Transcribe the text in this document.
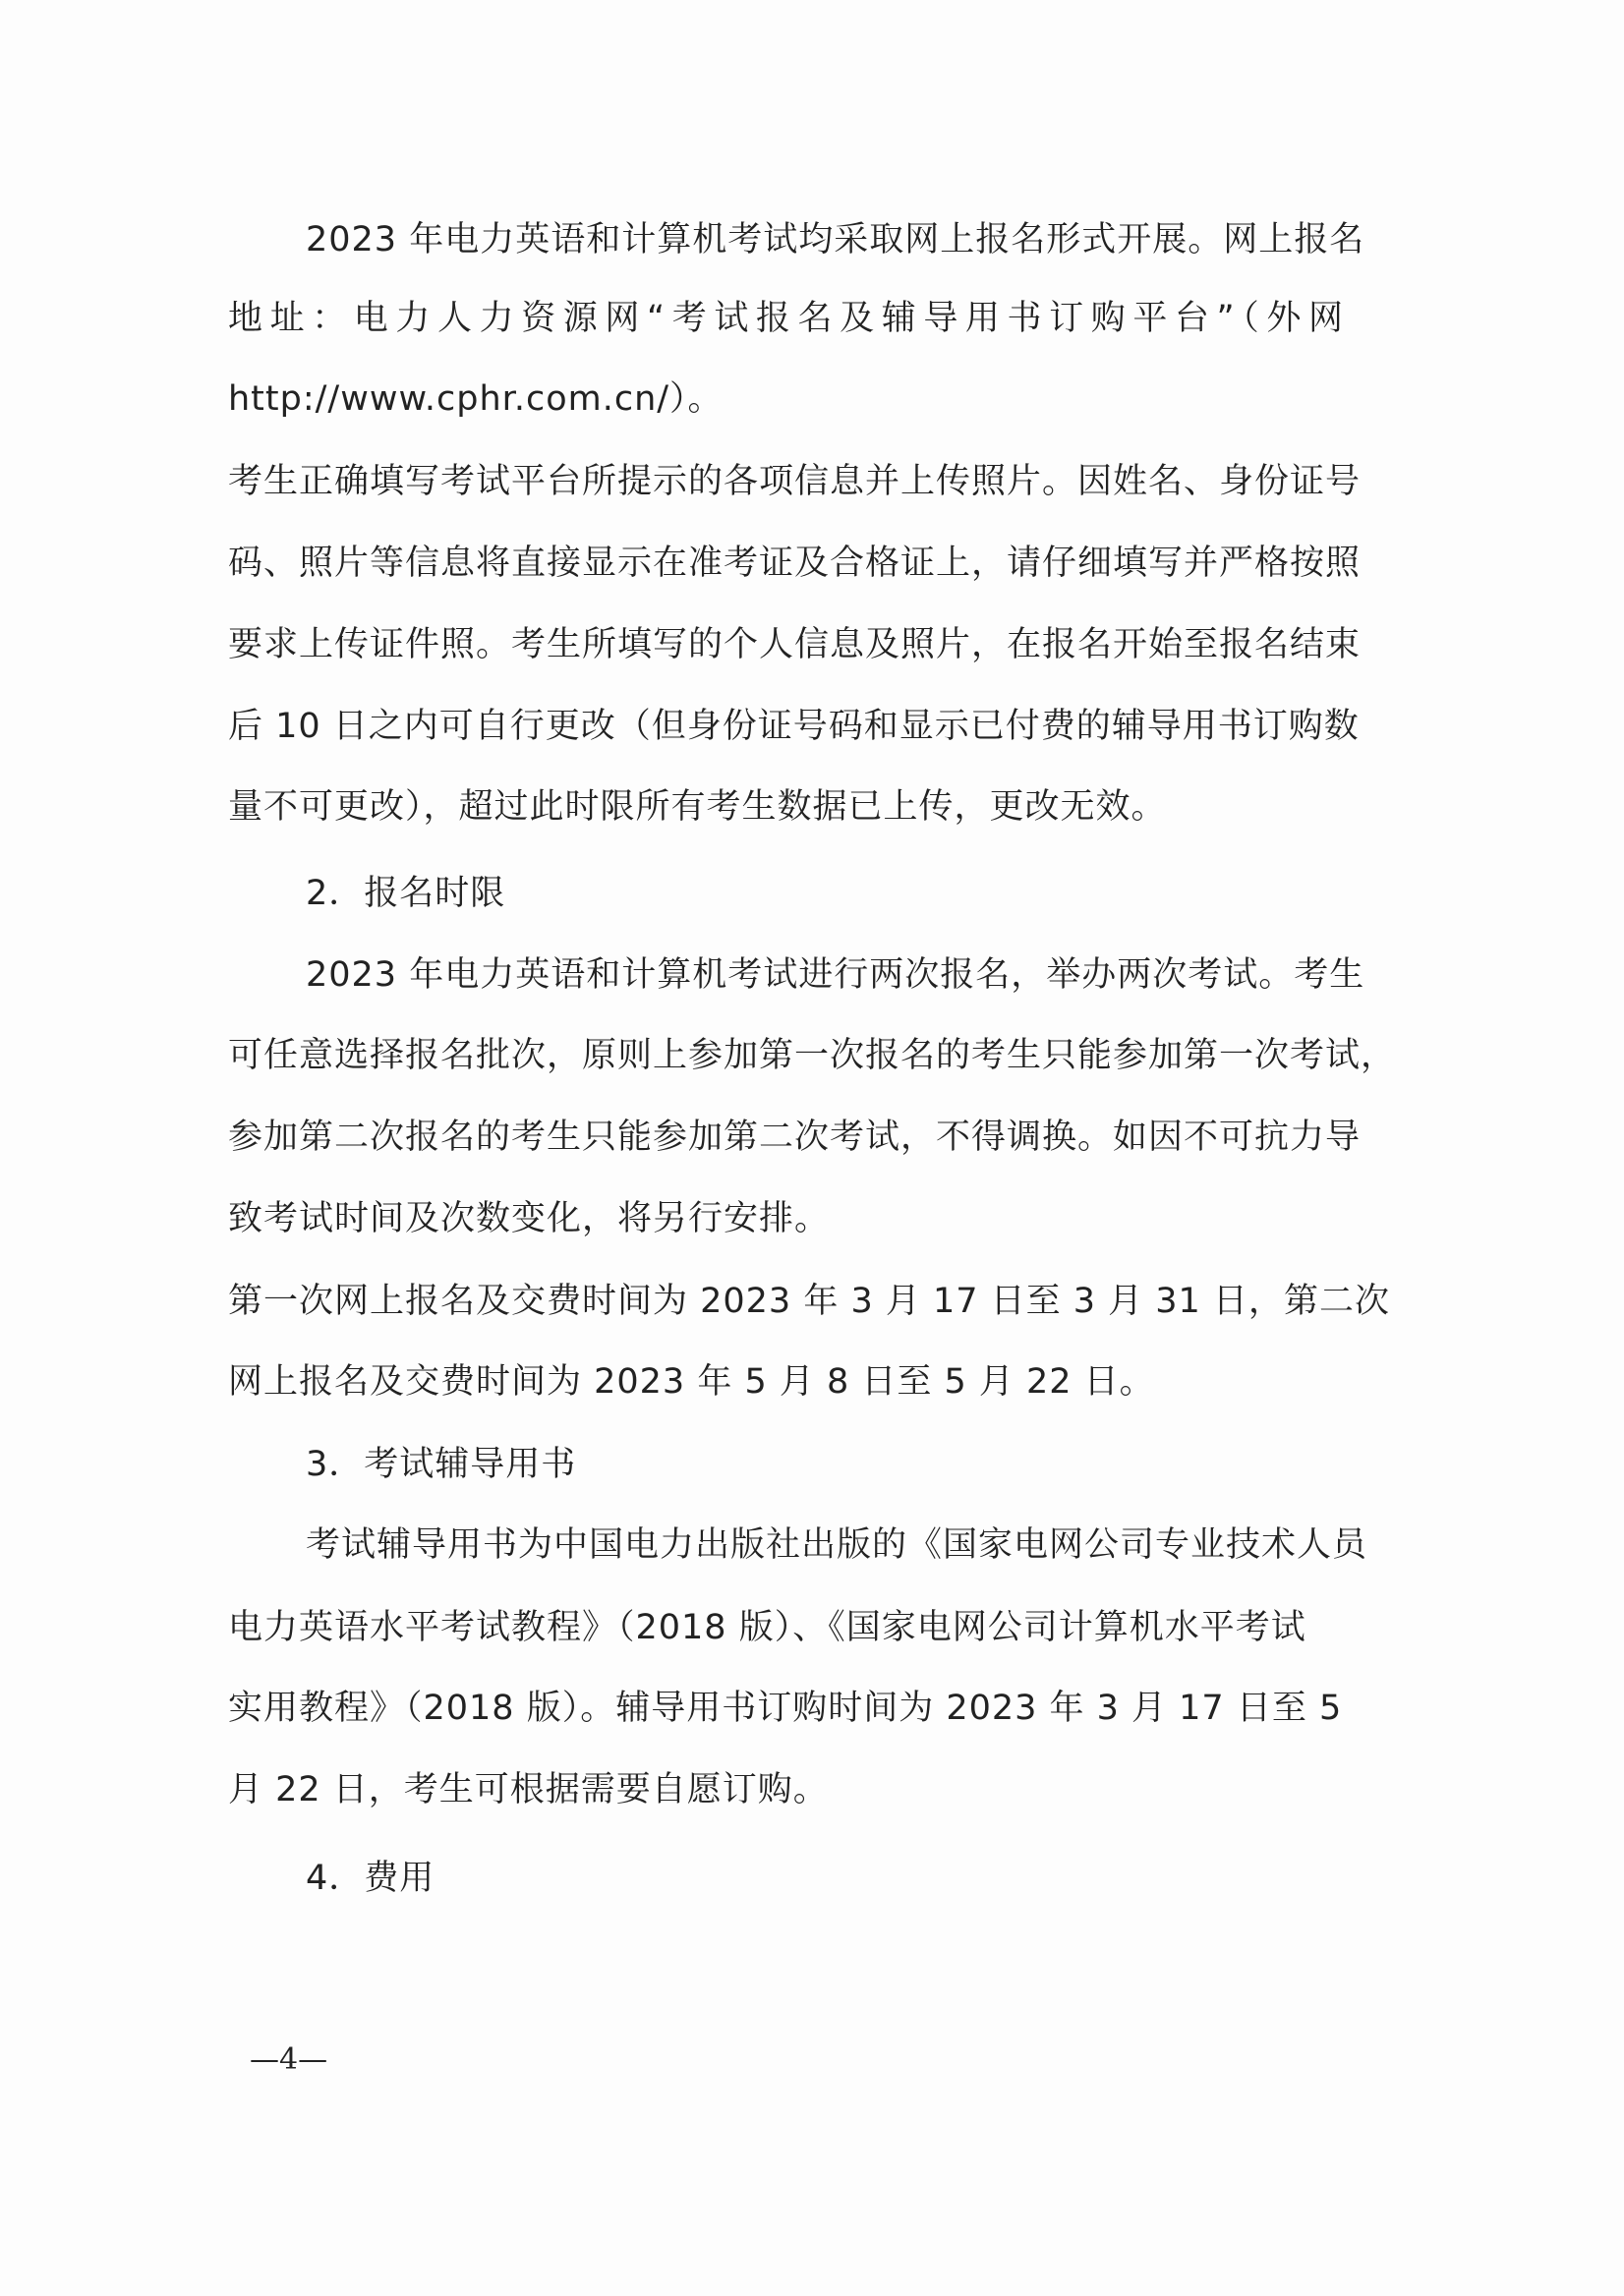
2023 年电力英语和计算机考试均采取网上报名形式开展。网上报名
地址：电力人力资源网“考试报名及辅导用书订购平台”（外网
http://www.cphr.com.cn/）。
考生正确填写考试平台所提示的各项信息并上传照片。因姓名、身份证号
码、照片等信息将直接显示在准考证及合格证上，请仔细填写并严格按照
要求上传证件照。考生所填写的个人信息及照片，在报名开始至报名结束
后 10 日之内可自行更改（但身份证号码和显示已付费的辅导用书订购数
量不可更改），超过此时限所有考生数据已上传，更改无效。
2．报名时限
2023 年电力英语和计算机考试进行两次报名，举办两次考试。考生
可任意选择报名批次，原则上参加第一次报名的考生只能参加第一次考试，
参加第二次报名的考生只能参加第二次考试，不得调换。如因不可抗力导
致考试时间及次数变化，将另行安排。
第一次网上报名及交费时间为 2023 年 3 月 17 日至 3 月 31 日，第二次
网上报名及交费时间为 2023 年 5 月 8 日至 5 月 22 日。
3．考试辅导用书
考试辅导用书为中国电力出版社出版的《国家电网公司专业技术人员
电力英语水平考试教程》（2018 版）、《国家电网公司计算机水平考试
实用教程》（2018 版）。辅导用书订购时间为 2023 年 3 月 17 日至 5
月 22 日，考生可根据需要自愿订购。
4．费用
—4—
